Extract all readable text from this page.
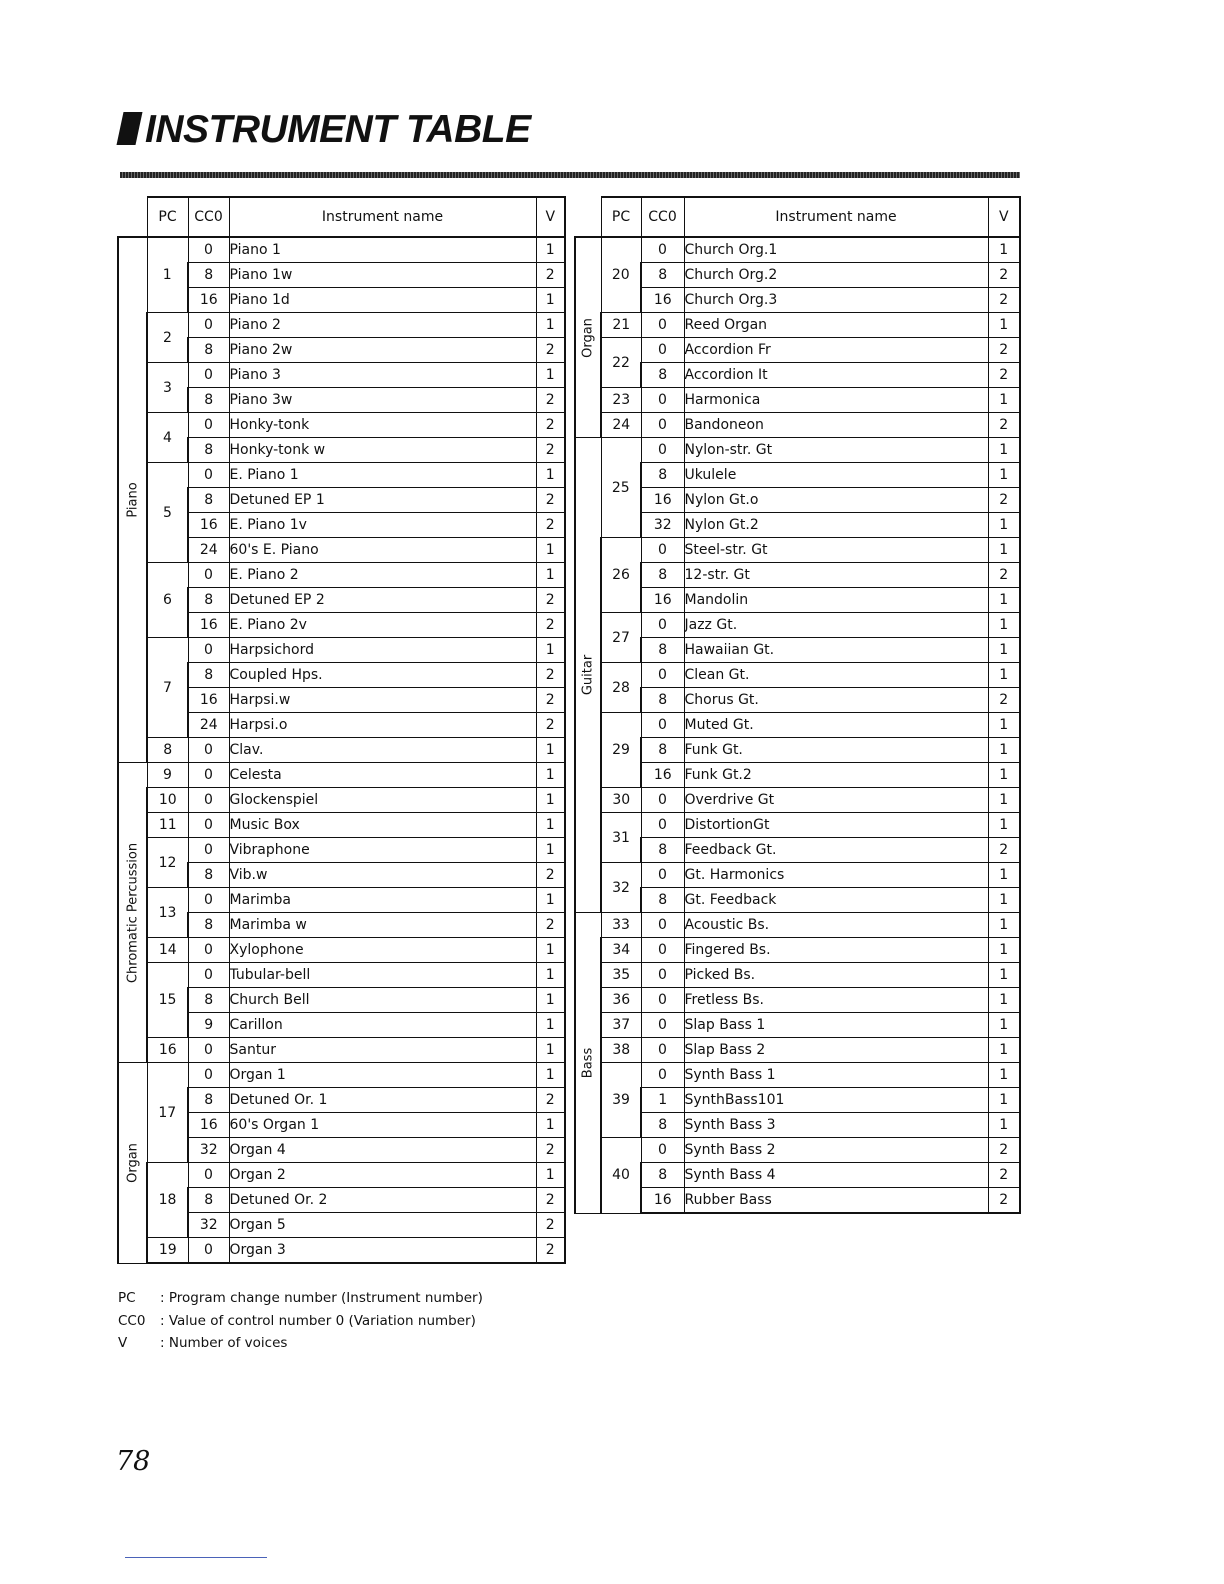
INSTRUMENT TABLE
	PC	CC0	Instrument name	V

Piano	1	0	Piano 1	1
		8	Piano 1w	2
		16	Piano 1d	1
	2	0	Piano 2	1
		8	Piano 2w	2
	3	0	Piano 3	1
		8	Piano 3w	2
	4	0	Honky-tonk	2
		8	Honky-tonk w	2
	5	0	E. Piano 1	1
		8	Detuned EP 1	2
		16	E. Piano 1v	2
		24	60's E. Piano	1
	6	0	E. Piano 2	1
		8	Detuned EP 2	2
		16	E. Piano 2v	2
	7	0	Harpsichord	1
		8	Coupled Hps.	2
		16	Harpsi.w	2
		24	Harpsi.o	2
	8	0	Clav.	1

Chromatic Percussion	9	0	Celesta	1
	10	0	Glockenspiel	1
	11	0	Music Box	1
	12	0	Vibraphone	1
		8	Vib.w	2
	13	0	Marimba	1
		8	Marimba w	2
	14	0	Xylophone	1
	15	0	Tubular-bell	1
		8	Church Bell	1
		9	Carillon	1
	16	0	Santur	1

Organ	17	0	Organ 1	1
		8	Detuned Or. 1	2
		16	60's Organ 1	1
		32	Organ 4	2
	18	0	Organ 2	1
		8	Detuned Or. 2	2
		32	Organ 5	2
	19	0	Organ 3	2
	PC	CC0	Instrument name	V

Organ	20	0	Church Org.1	1
		8	Church Org.2	2
		16	Church Org.3	2
	21	0	Reed Organ	1
	22	0	Accordion Fr	2
		8	Accordion It	2
	23	0	Harmonica	1
	24	0	Bandoneon	2

Guitar	25	0	Nylon-str. Gt	1
		8	Ukulele	1
		16	Nylon Gt.o	2
		32	Nylon Gt.2	1
	26	0	Steel-str. Gt	1
		8	12-str. Gt	2
		16	Mandolin	1
	27	0	Jazz Gt.	1
		8	Hawaiian Gt.	1
	28	0	Clean Gt.	1
		8	Chorus Gt.	2
	29	0	Muted Gt.	1
		8	Funk Gt.	1
		16	Funk Gt.2	1
	30	0	Overdrive Gt	1
	31	0	DistortionGt	1
		8	Feedback Gt.	2
	32	0	Gt. Harmonics	1
		8	Gt. Feedback	1

Bass	33	0	Acoustic Bs.	1
	34	0	Fingered Bs.	1
	35	0	Picked Bs.	1
	36	0	Fretless Bs.	1
	37	0	Slap Bass 1	1
	38	0	Slap Bass 2	1
	39	0	Synth Bass 1	1
		1	SynthBass101	1
		8	Synth Bass 3	1
	40	0	Synth Bass 2	2
		8	Synth Bass 4	2
		16	Rubber Bass	2
PC : Program change number (Instrument number)
CC0 : Value of control number 0 (Variation number)
V : Number of voices
78
